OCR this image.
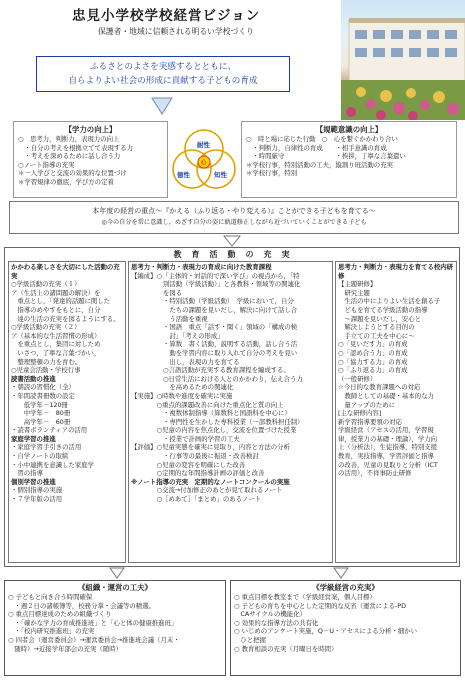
忠見小学校学校経営ビジョン
保護者・地域に信頼される明るい学校づくり
ふるさとのよさを実感するとともに、
自らよりよい社会の形成に貢献する子どもの育成
【学力の向上】
○　思考力，判断力，表現力の向上
　・自分の考えを根拠立てて表現する力
　・考えを深めるために話し合う力
○ノート指導の充実
＊一人学びと交流の効果的な位置づけ
＊学習規律の徹底，学び方の定着
耐性
心
徳性	知性
【規範意識の向上】
○　時と場に応じた行動　○　心を繋ぐかかわり合い
　・判断力，自律性の育成　　・相手意識の育成
　・時間厳守　　　　　　　　・挨拶，丁寧な言葉遣い
＊学校行事，特別活動の工夫，縦割り班活動の充実
＊学校行事，特別
本年度の経営の重点～『かえる（ふり返る・やり変える）』ことができる子どもを育てる～
◎今の自分を常に意識し，めざす自分の姿に軌道修正しながら近づいていくことができる子ども
教　育　活　動　の　充　実
かかわる楽しさを大切にした活動の充実
○学級活動の充実（１）
ア（生活上の諸問題の解決）を
　重点とし，「発達的話題に関した
　指導のめやすをもとに，自分
　達の生活の充実を図るようにする。
○学級活動の充実（２）
ア（基本的な生活習慣の形成）
　を重点とし，集団に対しため
　いさつ，了寧な言葉づかい，
　整理整頓の力を育む。
○児童会活動・学校行事
読書活動の推進
・朝読の習慣化（全）
・年間読書冊数の設定
　　低学年－120冊
　　中学年－　80冊
　　高学年－　60冊
・読書ボランティアの活用
家庭学習の推進
・家庭学習手引きの活用
・自学ノートの取組
・小中連携を意識した家庭学
　習の指導
個別学習の推進
・個別指導の実施
・７学年版の活用
思考力・判断力・表現力の育成に向けた教育課程
【編成】○「主体的・対話的で深い学び」の視点から，「特
　　　　　別活動（学級活動）」と各教科・領域等の関連化
　　　　　を図る
　　　　　・特別活動（学級活動）　学級において，自分
　　　　　　たちの課題を見いだし，解決に向けて話し合
　　　　　　う活動を重視
　　　　　・国語　重点「話す・聞く」領域の「構成の検
　　　　　　討」「考えの形成」
　　　　　・算数　書く活動，説明する活動，話し合う活
　　　　　　動を学習内容に取り入れて自分の考えを見い
　　　　　　出し，表現の力を育てる
　　　　　○言語活動が充実する教育課程を編成する。
　　　　　○日常生活における人とのかかわり，伝え合う力
　　　　　　を高めるための関連化
【実施】○時数や進度を確実に実施
　　　　○重点的課題改善に向けた重点化と質の向上
　　　　　・複数体制指導（算数科と国語科を中心に）
　　　　　・専門性を生かした専科授業（一部教科担任制）
　　　　○児童の内容を焦点化し，交流を位置づけた授業
　　　　　・授業で計画的学習の工夫
【評価】○児童実態を確実に見取り，内容と方法の分析
　　　　　・行事等の最後に振返・改善検討
　　　　○児童の変容を明確にした改善
　　　　○定期的な年間指導計画の評価と改善
※ノート指導の充実　定期的なノートコンクールの実施
　　　　○交流→付加修正のあとが見て取れるノート
　　　　○［めあて］「まとめ」のあるノート
思考力・判断力・表現力を育てる校内研修
【主題研修】
　研究主題
　生活の中によりよい生活を創る子
　どもを育てる学級活動の指導
　～課題を見いだし，安心と
　解決しようとする目的の
　手立ての工夫を中心に～
○「見いだす力」の育成
○「認め合う力」の育成
○「協力する力」の育成
○「ふり返る力」の育成
（一般研修）
☆今日的な教育課題への対応
　教師としての基礎・基本的な力
　量アップのために
[主な研修内容]
新学習指導要領の対応
学級経営（アセスの活用，学習規
律，授業力の基礎・理論），学力向
上（分析法），生徒指導，特別支援
教育，実技指導，学習評価と指導
の改善，児童の見取りと分析（ICT
の活用），不祥事防止研修
《組織・運営の工夫》
○ 子どもと向き合う時間確保
　・週２日の諸帳簿等，校務分掌・会議等の精選。
○ 重点目標達成のための組織づくり
　・「確かな学力の育成推進班」と「心と体の健康推進班」
　・「校内研究推進班」の充実
○ 四者会（運営委員会）→運営委員会→推進班会議（月末・
　随時）→近接学年部会の充実（随時）
《学級経営の充実》
○ 重点目標を教室まで（学級経営案，個人目標）
○ 子どもの育ちを中心とした定期的な反省（運営による-PD
　CAサイクルの機能化）
○ 効果的な指導方法の共有化
○ いじめのアンケート実施，Q－U・アセスによる分析・細かい
　ひと把握
○ 教育相談の充実（月曜日を時間）
